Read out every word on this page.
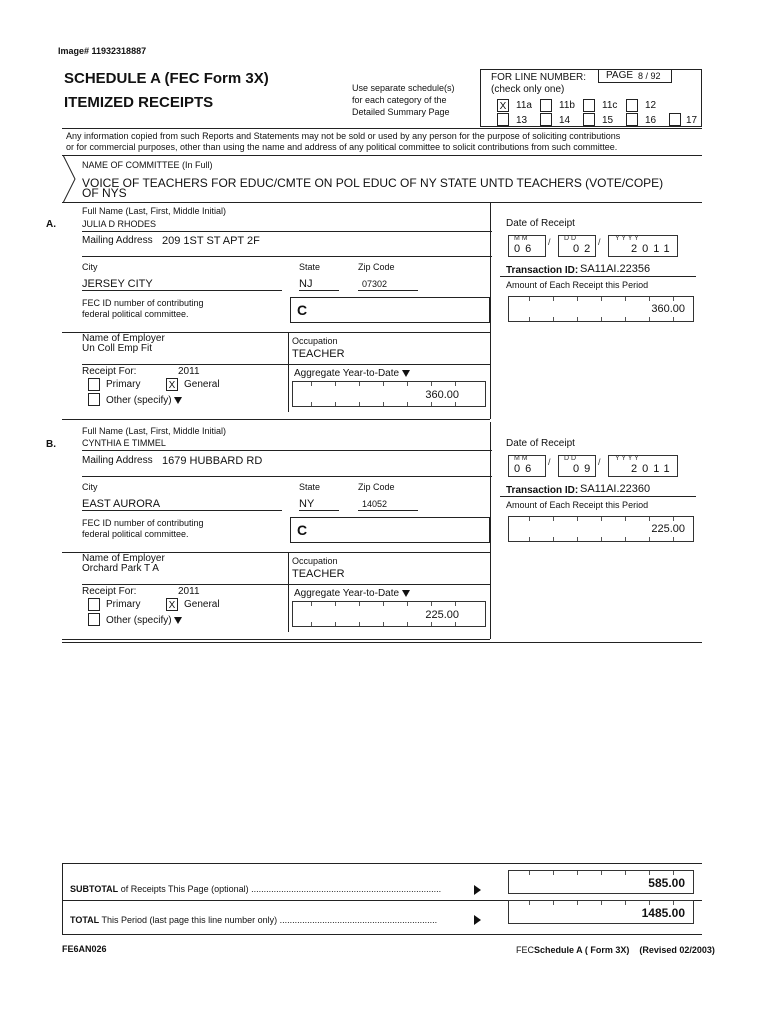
Image# 11932318887
SCHEDULE A (FEC Form 3X)
ITEMIZED RECEIPTS
Use separate schedule(s)
for each category of the
Detailed Summary Page
FOR LINE NUMBER:
(check only one)
PAGE 8 / 92
X 11a	11b	11c	12
13	14	15	16	17
Any information copied from such Reports and Statements may not be sold or used by any person for the purpose of soliciting contributions
or for commercial purposes, other than using the name and address of any political committee to solicit contributions from such committee.
NAME OF COMMITTEE (In Full)
VOICE OF TEACHERS FOR EDUC/CMTE ON POL EDUC OF NY STATE UNTD TEACHERS (VOTE/COPE)
OF NYS
A.
Full Name (Last, First, Middle Initial)
JULIA D RHODES
Mailing Address 209 1ST ST APT 2F
City	State	Zip Code
JERSEY CITY	NJ	07302
FEC ID number of contributing
federal political committee.	C
Name of Employer
Un Coll Emp Fit
Occupation
TEACHER
Receipt For:	2011
Primary	X General
Other (specify)
Aggregate Year-to-Date
360.00
Date of Receipt
M M
06
/ D D
02
/ Y Y Y Y
2011
Transaction ID: SA11AI.22356
Amount of Each Receipt this Period
360.00
B.
Full Name (Last, First, Middle Initial)
CYNTHIA E TIMMEL
Mailing Address 1679 HUBBARD RD
City	State	Zip Code
EAST AURORA	NY	14052
FEC ID number of contributing
federal political committee.	C
Name of Employer
Orchard Park T A
Occupation
TEACHER
Receipt For:	2011
Primary	X General
Other (specify)
Aggregate Year-to-Date
225.00
Date of Receipt
M M
06
/ D D
09
/ Y Y Y Y
2011
Transaction ID: SA11AI.22360
Amount of Each Receipt this Period
225.00
SUBTOTAL of Receipts This Page (optional) ............................................................................	585.00
TOTAL This Period (last page this line number only) ...............................................................	1485.00
FE6AN026	FECSchedule A ( Form 3X) (Revised 02/2003)
